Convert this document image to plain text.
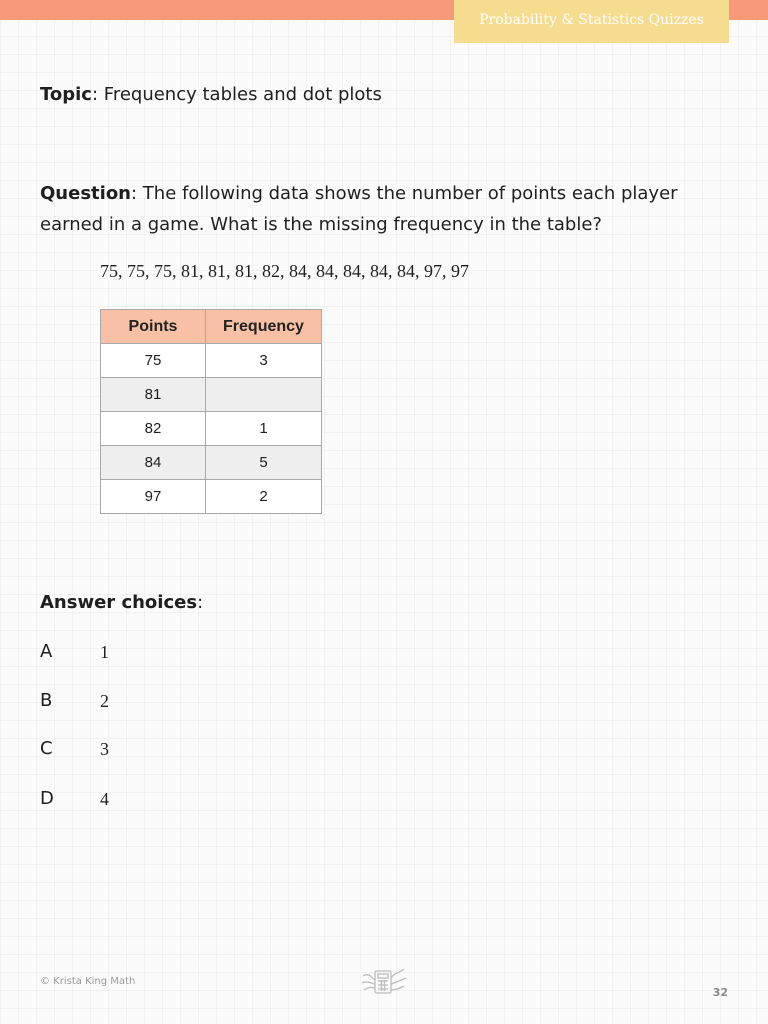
Probability & Statistics Quizzes
Topic: Frequency tables and dot plots
Question: The following data shows the number of points each player earned in a game. What is the missing frequency in the table?
75, 75, 75, 81, 81, 81, 82, 84, 84, 84, 84, 84, 97, 97
Points	Frequency
75	3
81	
82	1
84	5
97	2
Answer choices:
A	1
B	2
C	3
D	4
© Krista King Math
32
